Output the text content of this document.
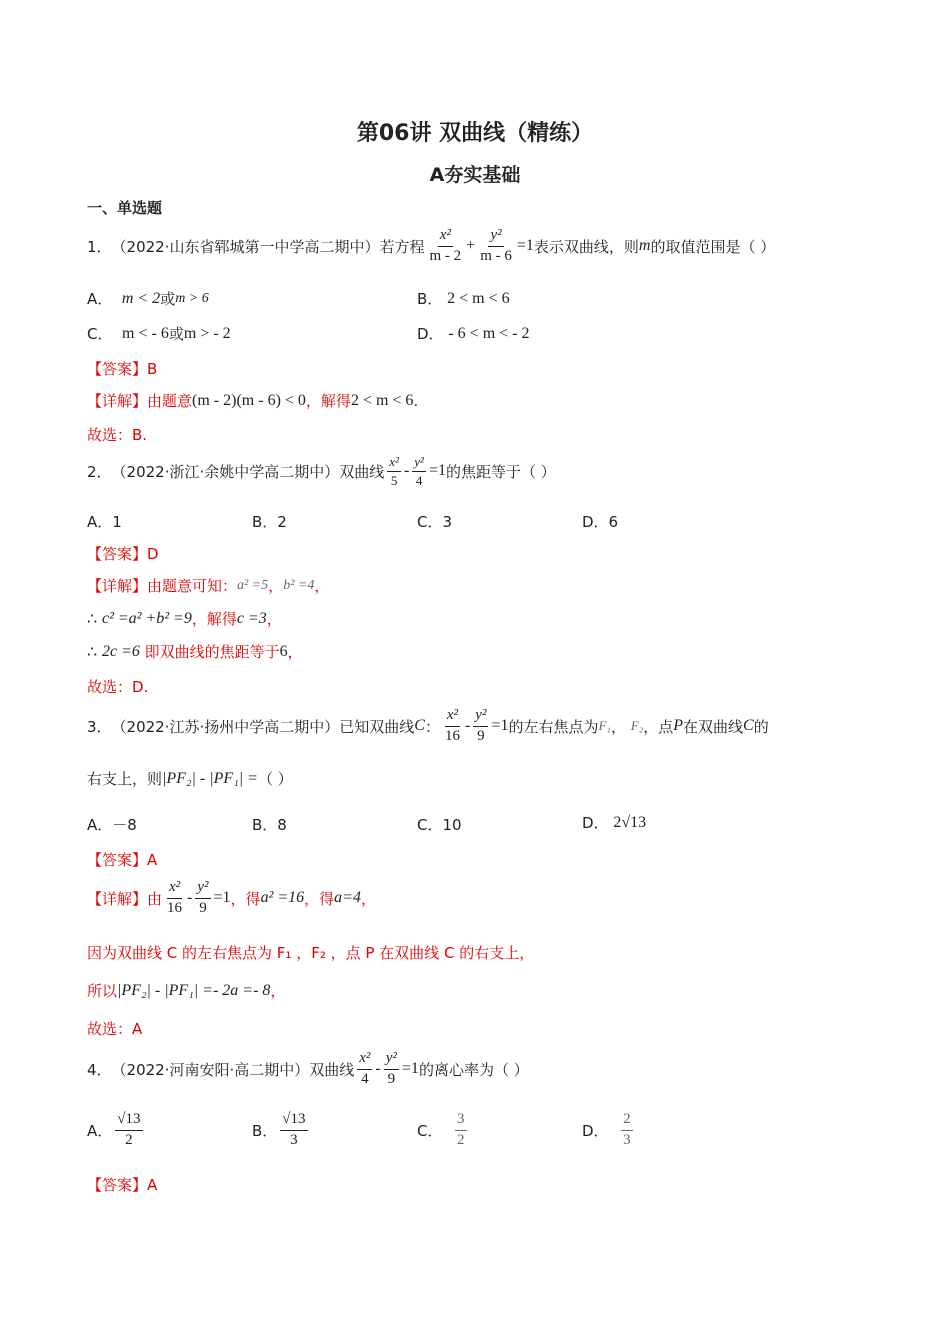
第06讲 双曲线（精练）
A夯实基础
一、单选题
1． （2022·山东省郓城第一中学高二期中）若方程 $\frac{\text{x²}}{m - 2} + \frac{\text{y²}}{m - 6} =1$ 表示双曲线，则 m 的取值范围是（ ）
A．
m < 2 或 m > 6	B．
2 < m < 6
C．
m < - 6 或 m > - 2	D．
- 6 < m < - 2
【答案】B
【详解】 由题意 (m - 2)(m - 6) < 0 ，解得 2 < m < 6 .
故选：B.
2． （2022·浙江·余姚中学高二期中）双曲线 $\frac{\text{x²}}{5} - \frac{\text{y²}}{4} =1$ 的焦距等于（ ）
A．1	B．2	C．3	D．6
【答案】D
【详解】 由题意可知： a² =5 ， b² =4 ，
∴
c² =a² +b² =9 ，解得 c =3 ，
∴
2c =6
即双曲线的焦距等于 6 ，
故选：D.
3． （2022·江苏·扬州中学高二期中）已知双曲线 C ： $\frac{\text{x²}}{16} - \frac{\text{y²}}{9} =1$ 的左右焦点为 F₁ ，
F₂ ，点 P 在双曲线 C 的
右支上，则 |PF₂| - |PF₁| = （ ）
A．－8	B．8	C．10	D．
2√13
【答案】A
【详解】 由 $\frac{\text{x²}}{16} - \frac{\text{y²}}{9} =1$ ，得 a² =16 ，得 a=4 ，
因为双曲线 C 的左右焦点为 F₁ ，F₂ ，点 P 在双曲线 C 的右支上，
所以 |PF₂| - |PF₁| =- 2a =- 8 ，
故选：A
4． （2022·河南安阳·高二期中）双曲线 $\frac{\text{x²}}{4} - \frac{\text{y²}}{9} =1$ 的离心率为（ ）
A． $\frac{√13}{2}$	B． $\frac{√13}{3}$	C．
$\frac{3}{2}$	D．
$\frac{2}{3}$
【答案】A
